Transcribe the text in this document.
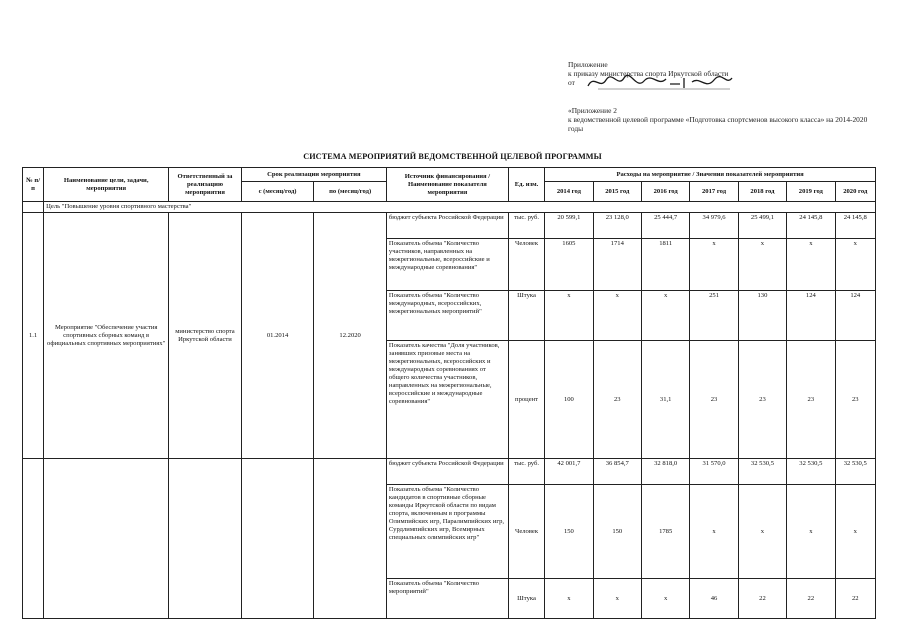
Приложение
к приказу министерства спорта Иркутской области
от
«Приложение 2
к ведомственной целевой программе «Подготовка спортсменов высокого класса» на 2014-2020
годы
СИСТЕМА МЕРОПРИЯТИЙ ВЕДОМСТВЕННОЙ ЦЕЛЕВОЙ ПРОГРАММЫ
№ п/п	Наименование цели, задачи, мероприятия	Ответственный за реализацию мероприятия	Срок реализации мероприятия		Источник финансирования / Наименование показателя мероприятия	Ед. изм.	Расходы на мероприятие / Значения показателей мероприятия						
			с (месяц/год)	по (месяц/год)			2014 год	2015 год	2016 год	2017 год	2018 год	2019 год	2020 год

	Цель "Повышение уровня спортивного мастерства"												
1.1	Мероприятие "Обеспечение участия спортивных сборных команд в официальных спортивных мероприятиях"	министерство спорта Иркутской области	01.2014	12.2020	бюджет субъекта Российской Федерации	тыс. руб.	20 599,1	23 128,0	25 444,7	34 979,6	25 499,1	24 145,8	24 145,8
					Показатель объема "Количество участников, направленных на межрегиональные, всероссийские и международные соревнования"	Человек	1605	1714	1811	x	x	x	x
					Показатель объема "Количество международных, всероссийских, межрегиональных мероприятий"	Штука	x	x	x	251	130	124	124
					Показатель качества "Доля участников, занявших призовые места на межрегиональных, всероссийских и международных соревнованиях от общего количества участников, направленных на межрегиональные, всероссийские и международные соревнования"	процент	100	23	31,1	23	23	23	23
					бюджет субъекта Российской Федерации	тыс. руб.	42 001,7	36 854,7	32 818,0	31 570,0	32 530,5	32 530,5	32 530,5
					Показатель объема "Количество кандидатов в спортивные сборные команды Иркутской области по видам спорта, включенным в программы Олимпийских игр, Паралимпийских игр, Сурдлимпийских игр, Всемирных специальных олимпийских игр"	Человек	150	150	1785	x	x	x	x
					Показатель объема "Количество мероприятий"	Штука	x	x	x	46	22	22	22
